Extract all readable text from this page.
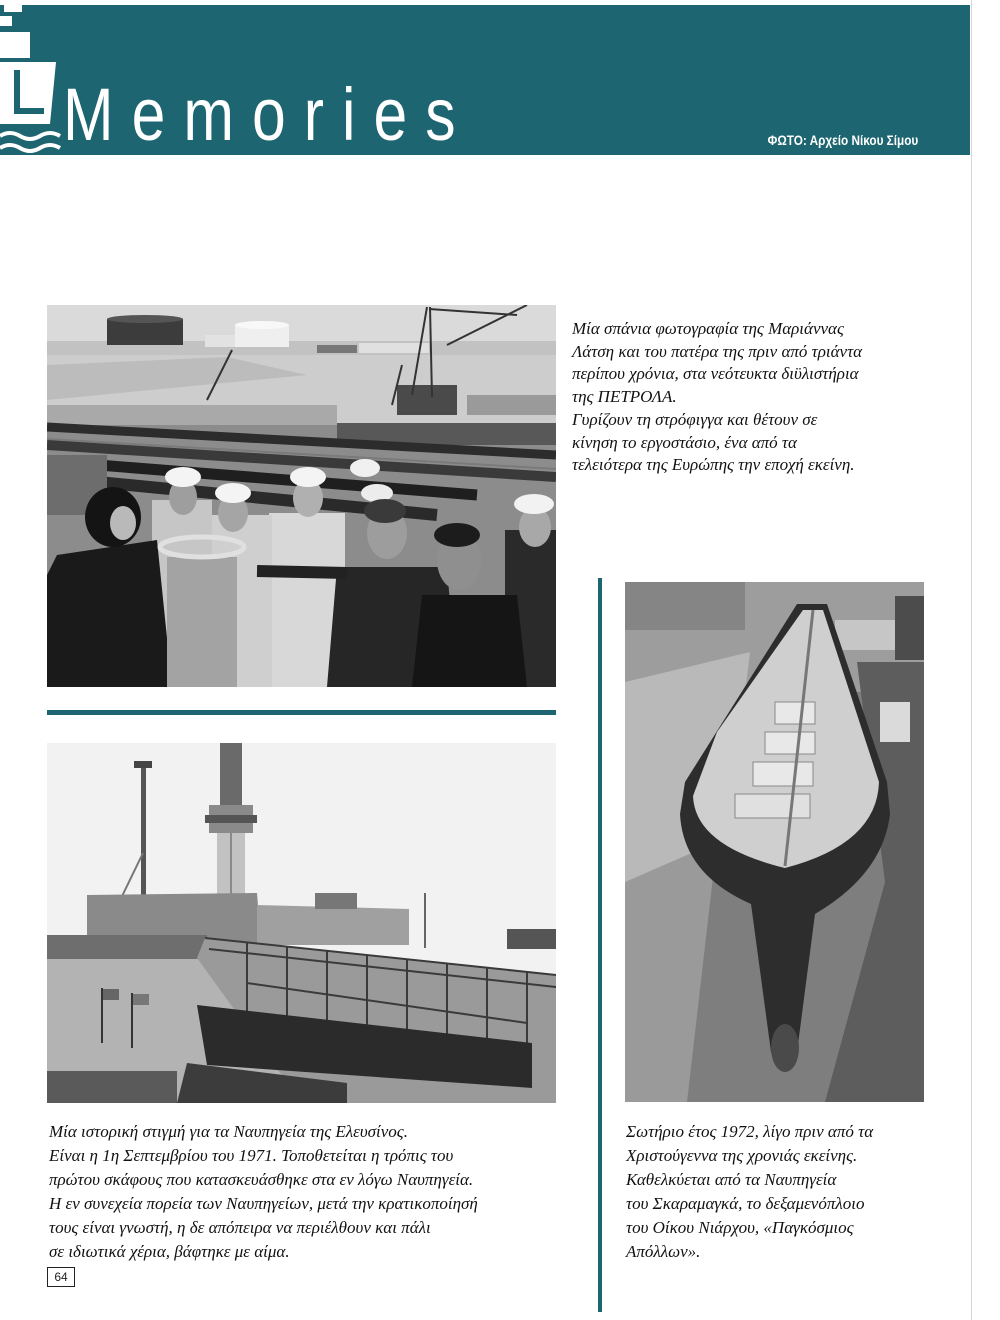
Memories	ΦΩΤΟ: Αρχείο Νίκου Σίμου
Μία σπάνια φωτογραφία της Μαριάννας
Λάτση και του πατέρα της πριν από τριάντα
περίπου χρόνια, στα νεότευκτα διϋλιστήρια
της ΠΕΤΡΟΛΑ.
Γυρίζουν τη στρόφιγγα και θέτουν σε
κίνηση το εργοστάσιο, ένα από τα
τελειότερα της Ευρώπης την εποχή εκείνη.
Μία ιστορική στιγμή για τα Ναυπηγεία της Ελευσίνος.
Είναι η 1η Σεπτεμβρίου του 1971. Τοποθετείται η τρόπις του
πρώτου σκάφους που κατασκευάσθηκε στα εν λόγω Ναυπηγεία.
Η εν συνεχεία πορεία των Ναυπηγείων, μετά την κρατικοποίησή
τους είναι γνωστή, η δε απόπειρα να περιέλθουν και πάλι
σε ιδιωτικά χέρια, βάφτηκε με αίμα.
Σωτήριο έτος 1972, λίγο πριν από τα
Χριστούγεννα της χρονιάς εκείνης.
Καθελκύεται από τα Ναυπηγεία
του Σκαραμαγκά, το δεξαμενόπλοιο
του Οίκου Νιάρχου, «Παγκόσμιος
Απόλλων».
64
